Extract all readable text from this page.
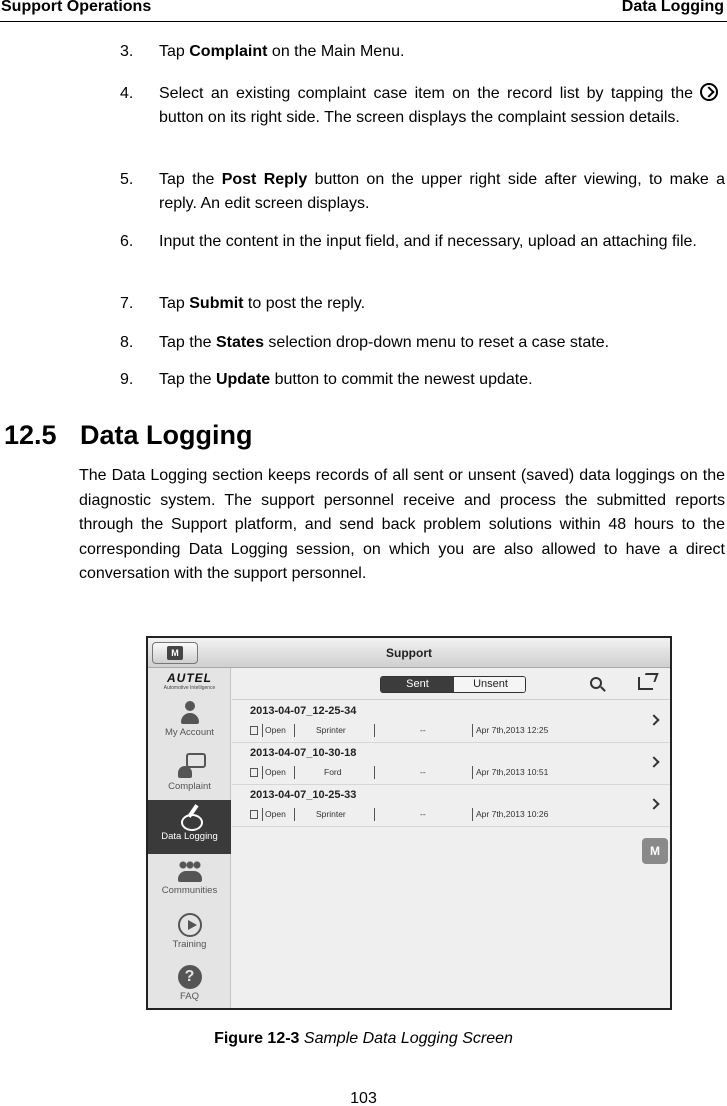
Support Operations	Data Logging
3. Tap Complaint on the Main Menu.
4. Select an existing complaint case item on the record list by tapping thebutton on its right side. The screen displays the complaint session details.
5. Tap the Post Reply button on the upper right side after viewing, to make a reply. An edit screen displays.
6. Input the content in the input field, and if necessary, upload an attaching file.
7. Tap Submit to post the reply.
8. Tap the States selection drop-down menu to reset a case state.
9. Tap the Update button to commit the newest update.
12.5 Data Logging
The Data Logging section keeps records of all sent or unsent (saved) data loggings on the diagnostic system. The support personnel receive and process the submitted reports through the Support platform, and send back problem solutions within 48 hours to the corresponding Data Logging session, on which you are also allowed to have a direct conversation with the support personnel.
M	Support
AUTEL
Automotive Intelligence
My Account
Complaint
Data Logging
Communities
Training
?
FAQ
Sent	Unsent
2013-04-07_12-25-34
Open	Sprinter	--	Apr 7th,2013 12:25
2013-04-07_10-30-18
Open	Ford	--	Apr 7th,2013 10:51
2013-04-07_10-25-33
Open	Sprinter	--	Apr 7th,2013 10:26
M
Figure 12-3 Sample Data Logging Screen
103
